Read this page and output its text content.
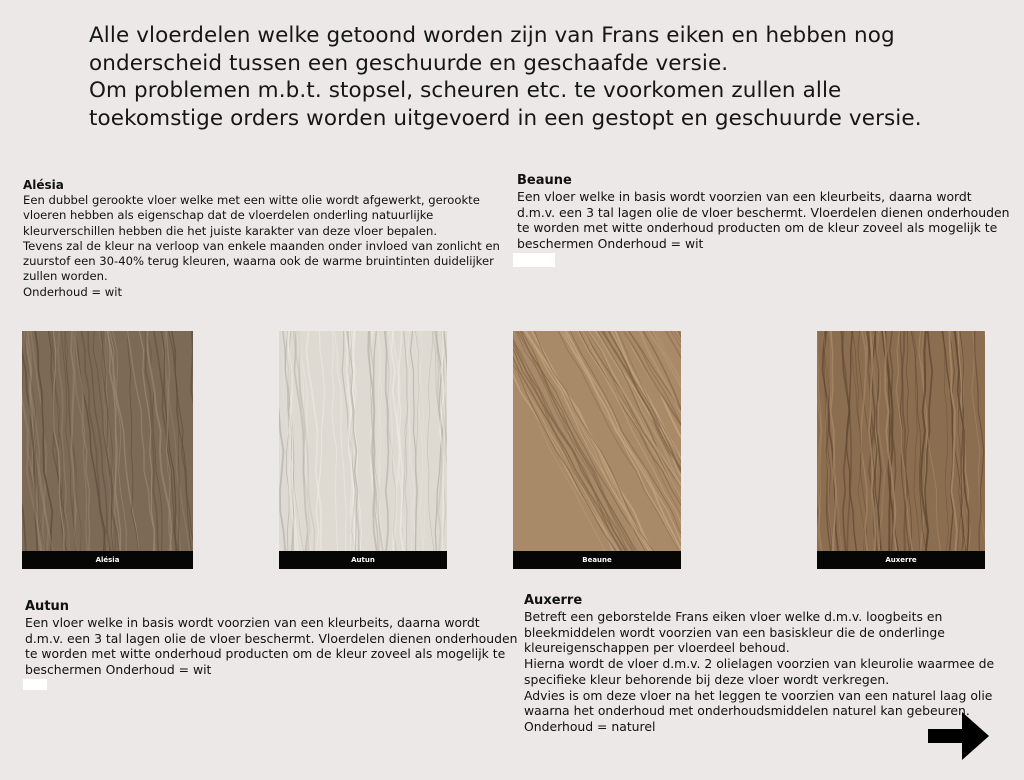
Alle vloerdelen welke getoond worden zijn van Frans eiken en hebben nog onderscheid tussen een geschuurde en geschaafde versie.

Om problemen m.b.t. stopsel, scheuren etc. te voorkomen zullen alle toekomstige orders worden uitgevoerd in een gestopt en geschuurde versie.

Alésia

Een dubbel gerookte vloer welke met een witte olie wordt afgewerkt, gerookte vloeren hebben als eigenschap dat de vloerdelen onderling natuurlijke kleurverschillen hebben die het juiste karakter van deze vloer bepalen.

Tevens zal de kleur na verloop van enkele maanden onder invloed van zonlicht en zuurstof een 30-40% terug kleuren, waarna ook de warme bruintinten duidelijker zullen worden.

Onderhoud = wit

Beaune

Een vloer welke in basis wordt voorzien van een kleurbeits, daarna wordt d.m.v. een 3 tal lagen olie de vloer beschermt. Vloerdelen dienen onderhouden te worden met witte onderhoud producten om de kleur zoveel als mogelijk te beschermen Onderhoud = wit

Alésia	Autun	Beaune	Auxerre
Autun

Een vloer welke in basis wordt voorzien van een kleurbeits, daarna wordt d.m.v. een 3 tal lagen olie de vloer beschermt. Vloerdelen dienen onderhouden te worden met witte onderhoud producten om de kleur zoveel als mogelijk te beschermen Onderhoud = wit

Auxerre

Betreft een geborstelde Frans eiken vloer welke d.m.v. loogbeits en bleekmiddelen wordt voorzien van een basiskleur die de onderlinge kleureigenschappen per vloerdeel behoud.

Hierna wordt de vloer d.m.v. 2 olielagen voorzien van kleurolie waarmee de specifieke kleur behorende bij deze vloer wordt verkregen.

Advies is om deze vloer na het leggen te voorzien van een naturel laag olie waarna het onderhoud met onderhoudsmiddelen naturel kan gebeuren.

Onderhoud = naturel
